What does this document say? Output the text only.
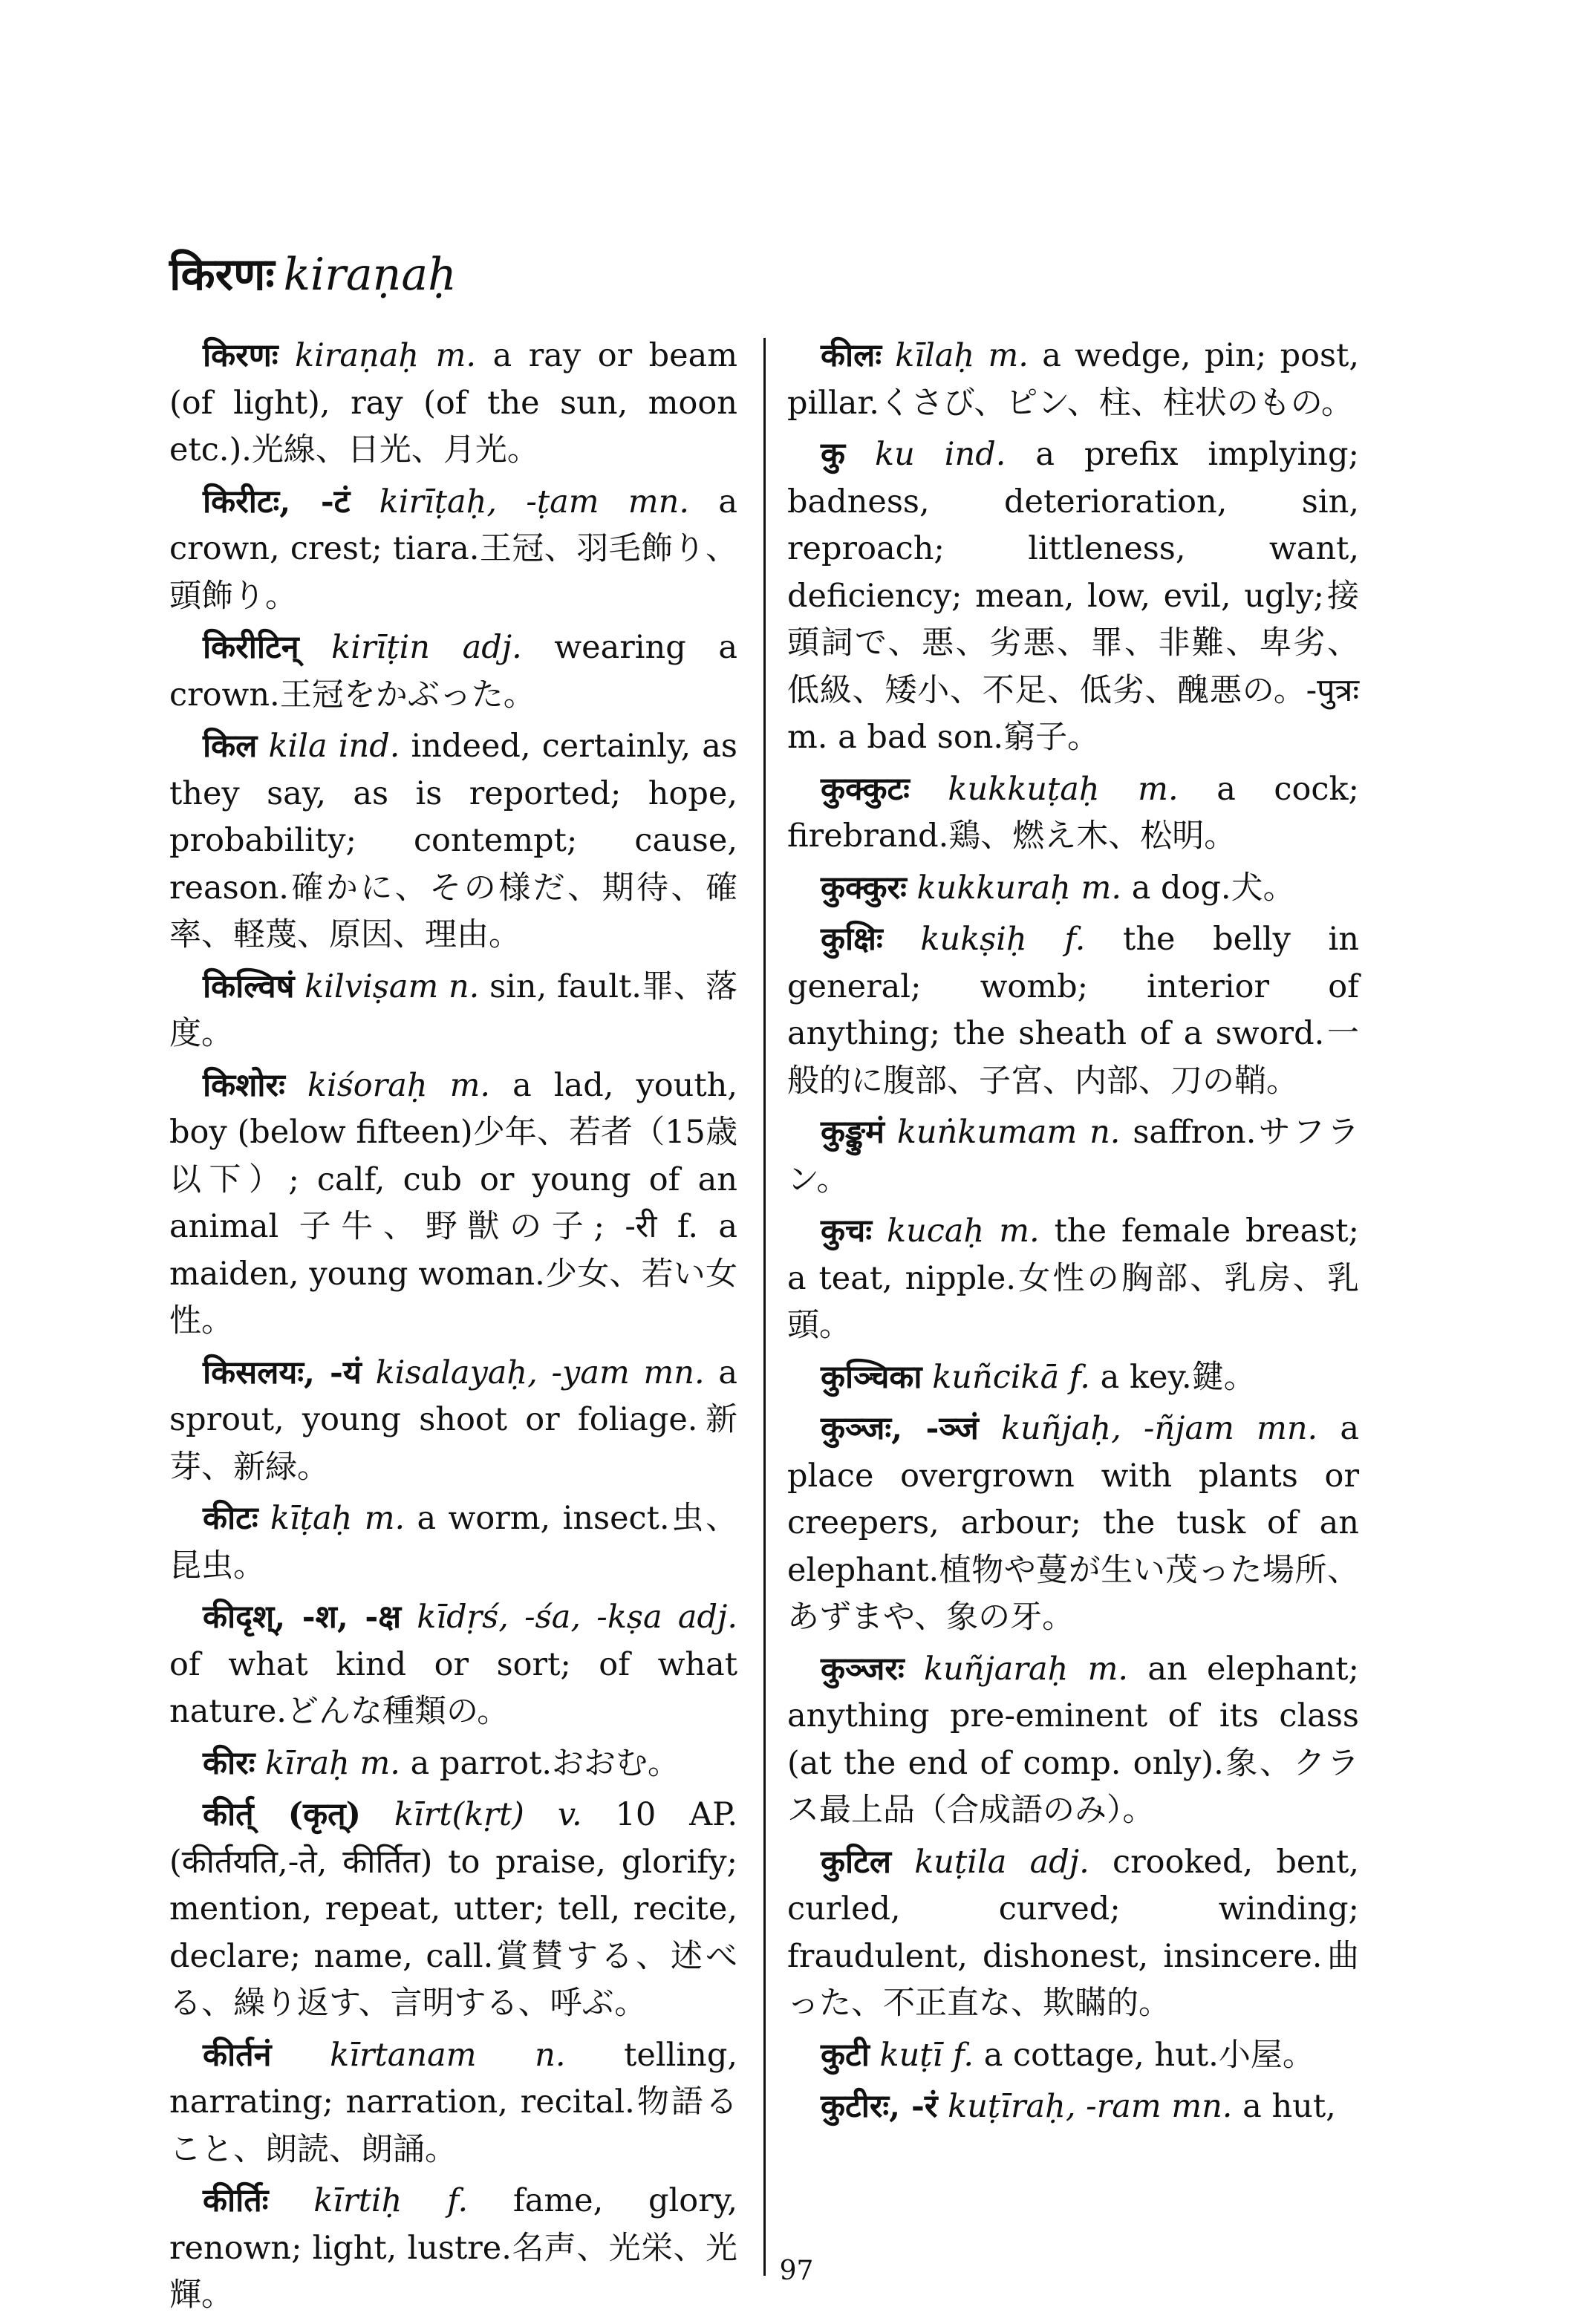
किरणः kiraṇaḥ

किरणः kiraṇaḥ m. a ray or beam (of light), ray (of the sun, moon etc.).光線、日光、月光。

किरीटः, -टं kirīṭaḥ, -ṭam mn. a crown, crest; tiara.王冠、羽毛飾り、頭飾り。

किरीटिन् kirīṭin adj. wearing a crown.王冠をかぶった。

किल kila ind. indeed, certainly, as they say, as is reported; hope, probability; contempt; cause, reason.確かに、その様だ、期待、確率、軽蔑、原因、理由。

किल्विषं kilviṣam n. sin, fault.罪、落度。

किशोरः kiśoraḥ m. a lad, youth, boy (below fifteen)少年、若者（15歳以下）; calf, cub or young of an animal 子牛、野獣の子; -री f. a maiden, young woman.少女、若い女性。

किसलयः, -यं kisalayaḥ, -yam mn. a sprout, young shoot or foliage.新芽、新緑。

कीटः kīṭaḥ m. a worm, insect.虫、昆虫。

कीदृश्, -श, -क्ष kīdṛś, -śa, -kṣa adj. of what kind or sort; of what nature.どんな種類の。

कीरः kīraḥ m. a parrot.おおむ。

कीर्त् (कृत्) kīrt(kṛt) v. 10 AP. (कीर्तयति,-ते, कीर्तित) to praise, glorify; mention, repeat, utter; tell, recite, declare; name, call.賞賛する、述べる、繰り返す、言明する、呼ぶ。

कीर्तनं kīrtanam n. telling, narrating; narration, recital.物語ること、朗読、朗誦。

कीर्तिः kīrtiḥ f. fame, glory, renown; light, lustre.名声、光栄、光輝。

कीलः kīlaḥ m. a wedge, pin; post, pillar.くさび、ピン、柱、柱状のもの。

कु ku ind. a prefix implying; badness, deterioration, sin, reproach; littleness, want, deficiency; mean, low, evil, ugly;接頭詞で、悪、劣悪、罪、非難、卑劣、低級、矮小、不足、低劣、醜悪の。-पुत्रः m. a bad son.窮子。

कुक्कुटः kukkuṭaḥ m. a cock; firebrand.鶏、燃え木、松明。

कुक्कुरः kukkuraḥ m. a dog.犬。

कुक्षिः kukṣiḥ f. the belly in general; womb; interior of anything; the sheath of a sword.一般的に腹部、子宮、内部、刀の鞘。

कुङ्कुमं kuṅkumam n. saffron.サフラン。

कुचः kucaḥ m. the female breast; a teat, nipple.女性の胸部、乳房、乳頭。

कुञ्चिका kuñcikā f. a key.鍵。

कुञ्जः, -ञ्जं kuñjaḥ, -ñjam mn. a place overgrown with plants or creepers, arbour; the tusk of an elephant.植物や蔓が生い茂った場所、あずまや、象の牙。

कुञ्जरः kuñjaraḥ m. an elephant; anything pre-eminent of its class (at the end of comp. only).象、クラス最上品（合成語のみ）。

कुटिल kuṭila adj. crooked, bent, curled, curved; winding; fraudulent, dishonest, insincere.曲った、不正直な、欺瞞的。

कुटी kuṭī f. a cottage, hut.小屋。

कुटीरः, -रं kuṭīraḥ, -ram mn. a hut,

97
